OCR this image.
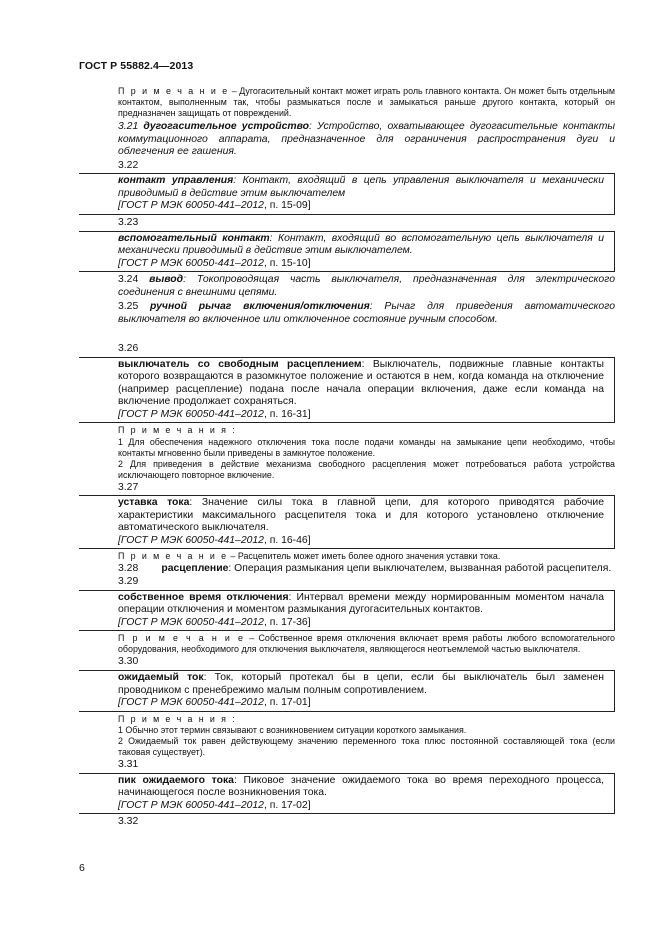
ГОСТ Р 55882.4—2013

П р и м е ч а н и е – Дугогасительный контакт может играть роль главного контакта. Он может быть отдельным контактом, выполненным так, чтобы размыкаться после и замыкаться раньше другого контакта, который он предназначен защищать от повреждений.

3.21 дугогасительное устройство: Устройство, охватывающее дугогасительные контакты коммутационного аппарата, предназначенное для ограничения распространения дуги и облегчения ее гашения.

3.22

контакт управления: Контакт, входящий в цепь управления выключателя и механически приводимый в действие этим выключателем

[ГОСТ Р МЭК 60050-441–2012, п. 15-09]

3.23

вспомогательный контакт: Контакт, входящий во вспомогательную цепь выключателя и механически приводимый в действие этим выключателем.

[ГОСТ Р МЭК 60050-441–2012, п. 15-10]

3.24 вывод: Токопроводящая часть выключателя, предназначенная для электрического соединения с внешними цепями.

3.25 ручной рычаг включения/отключения: Рычаг для приведения автоматического выключателя во включенное или отключенное состояние ручным способом.

3.26

выключатель со свободным расцеплением: Выключатель, подвижные главные контакты которого возвращаются в разомкнутое положение и остаются в нем, когда команда на отключение (например расцепление) подана после начала операции включения, даже если команда на включение продолжает сохраняться.

[ГОСТ Р МЭК 60050-441–2012, п. 16-31]

П р и м е ч а н и я :

1 Для обеспечения надежного отключения тока после подачи команды на замыкание цепи необходимо, чтобы контакты мгновенно были приведены в замкнутое положение.

2 Для приведения в действие механизма свободного расцепления может потребоваться работа устройства исключающего повторное включение.

3.27

уставка тока: Значение силы тока в главной цепи, для которого приводятся рабочие характеристики максимального расцепителя тока и для которого установлено отключение автоматического выключателя.

[ГОСТ Р МЭК 60050-441–2012, п. 16-46]

П р и м е ч а н и е – Расцепитель может иметь более одного значения уставки тока.

3.28 расцепление: Операция размыкания цепи выключателем, вызванная работой расцепителя.

3.29

собственное время отключения: Интервал времени между нормированным моментом начала операции отключения и моментом размыкания дугогасительных контактов.

[ГОСТ Р МЭК 60050-441–2012, п. 17-36]

П р и м е ч а н и е – Собственное время отключения включает время работы любого вспомогательного оборудования, необходимого для отключения выключателя, являющегося неотъемлемой частью выключателя.

3.30

ожидаемый ток: Ток, который протекал бы в цепи, если бы выключатель был заменен проводником с пренебрежимо малым полным сопротивлением.

[ГОСТ Р МЭК 60050-441–2012, п. 17-01]

П р и м е ч а н и я :

1 Обычно этот термин связывают с возникновением ситуации короткого замыкания.

2 Ожидаемый ток равен действующему значению переменного тока плюс постоянной составляющей тока (если таковая существует).

3.31

пик ожидаемого тока: Пиковое значение ожидаемого тока во время переходного процесса, начинающегося после возникновения тока.

[ГОСТ Р МЭК 60050-441–2012, п. 17-02]

3.32

6
